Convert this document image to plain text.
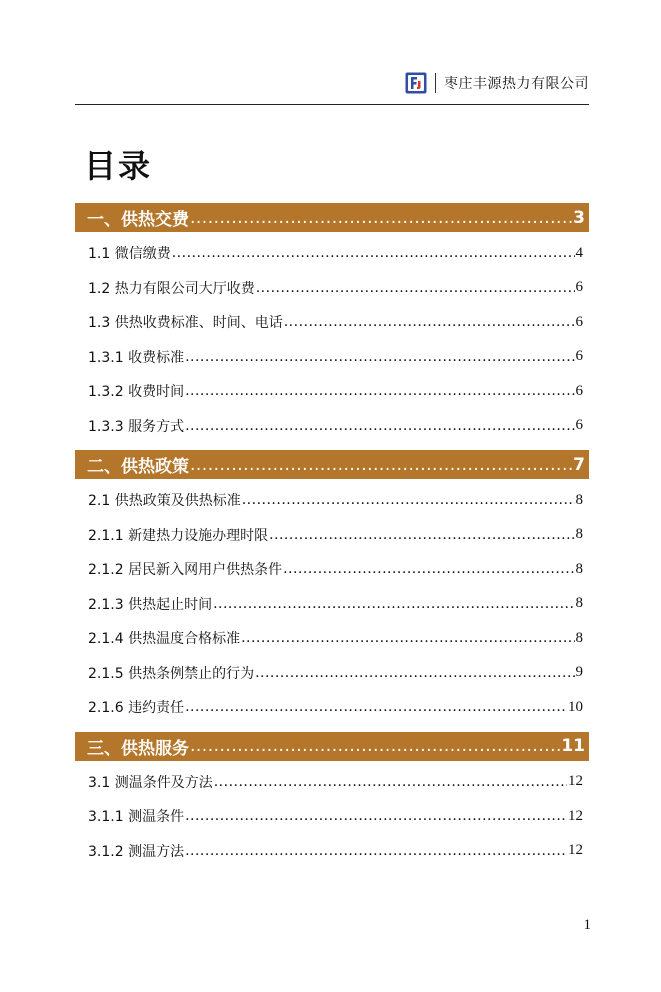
枣庄丰源热力有限公司
目录
一、供热交费 .....	3
1.1 微信缴费 .....	4
1.2 热力有限公司大厅收费 .....	6
1.3 供热收费标准、时间、电话 .....	6
1.3.1 收费标准 .....	6
1.3.2 收费时间 .....	6
1.3.3 服务方式 .....	6
二、供热政策 .....	7
2.1 供热政策及供热标准 .....	8
2.1.1 新建热力设施办理时限 .....	8
2.1.2 居民新入网用户供热条件 .....	8
2.1.3 供热起止时间 .....	8
2.1.4 供热温度合格标准 .....	8
2.1.5 供热条例禁止的行为 .....	9
2.1.6 违约责任 .....	10
三、供热服务 .....	11
3.1 测温条件及方法 .....	12
3.1.1 测温条件 .....	12
3.1.2 测温方法 .....	12
1
